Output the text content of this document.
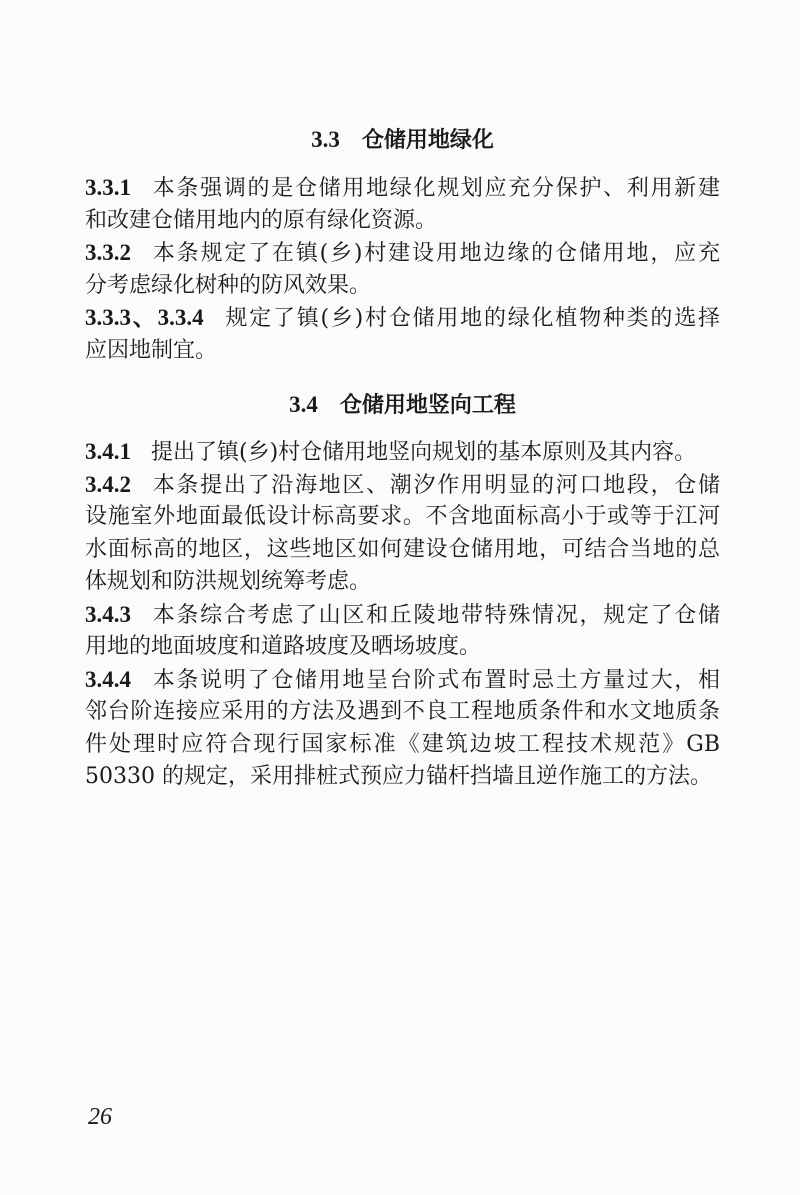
3.3 仓储用地绿化
3.3.1 本条强调的是仓储用地绿化规划应充分保护、利用新建
和改建仓储用地内的原有绿化资源。
3.3.2 本条规定了在镇(乡)村建设用地边缘的仓储用地，应充
分考虑绿化树种的防风效果。
3.3.3、3.3.4 规定了镇(乡)村仓储用地的绿化植物种类的选择
应因地制宜。
3.4 仓储用地竖向工程
3.4.1 提出了镇(乡)村仓储用地竖向规划的基本原则及其内容。
3.4.2 本条提出了沿海地区、潮汐作用明显的河口地段，仓储
设施室外地面最低设计标高要求。不含地面标高小于或等于江河
水面标高的地区，这些地区如何建设仓储用地，可结合当地的总
体规划和防洪规划统筹考虑。
3.4.3 本条综合考虑了山区和丘陵地带特殊情况，规定了仓储
用地的地面坡度和道路坡度及晒场坡度。
3.4.4 本条说明了仓储用地呈台阶式布置时忌土方量过大，相
邻台阶连接应采用的方法及遇到不良工程地质条件和水文地质条
件处理时应符合现行国家标准《建筑边坡工程技术规范》GB
50330 的规定，采用排桩式预应力锚杆挡墙且逆作施工的方法。
26
